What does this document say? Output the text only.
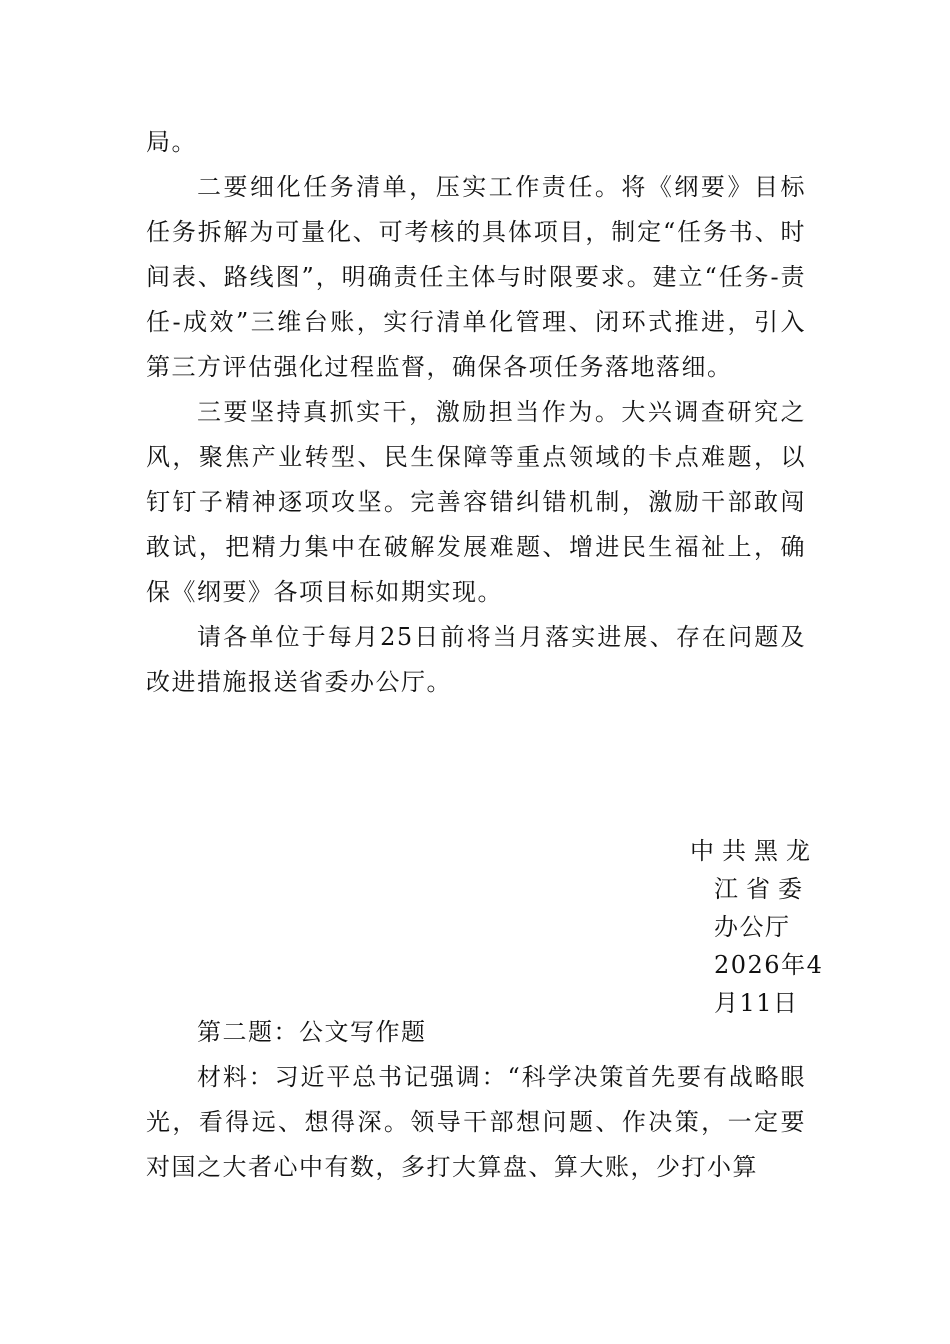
局。

二要细化任务清单，压实工作责任。将《纲要》目标任务拆解为可量化、可考核的具体项目，制定“任务书、时间表、路线图”，明确责任主体与时限要求。建立“任务-责任-成效”三维台账，实行清单化管理、闭环式推进，引入第三方评估强化过程监督，确保各项任务落地落细。

三要坚持真抓实干，激励担当作为。大兴调查研究之风，聚焦产业转型、民生保障等重点领域的卡点难题，以钉钉子精神逐项攻坚。完善容错纠错机制，激励干部敢闯敢试，把精力集中在破解发展难题、增进民生福祉上，确保《纲要》各项目标如期实现。

请各单位于每月25日前将当月落实进展、存在问题及改进措施报送省委办公厅。

中共黑龙
江省委
办公厅
2026年4
月11日

第二题：公文写作题

材料：习近平总书记强调：“科学决策首先要有战略眼光，看得远、想得深。领导干部想问题、作决策，一定要对国之大者心中有数，多打大算盘、算大账，少打小算
